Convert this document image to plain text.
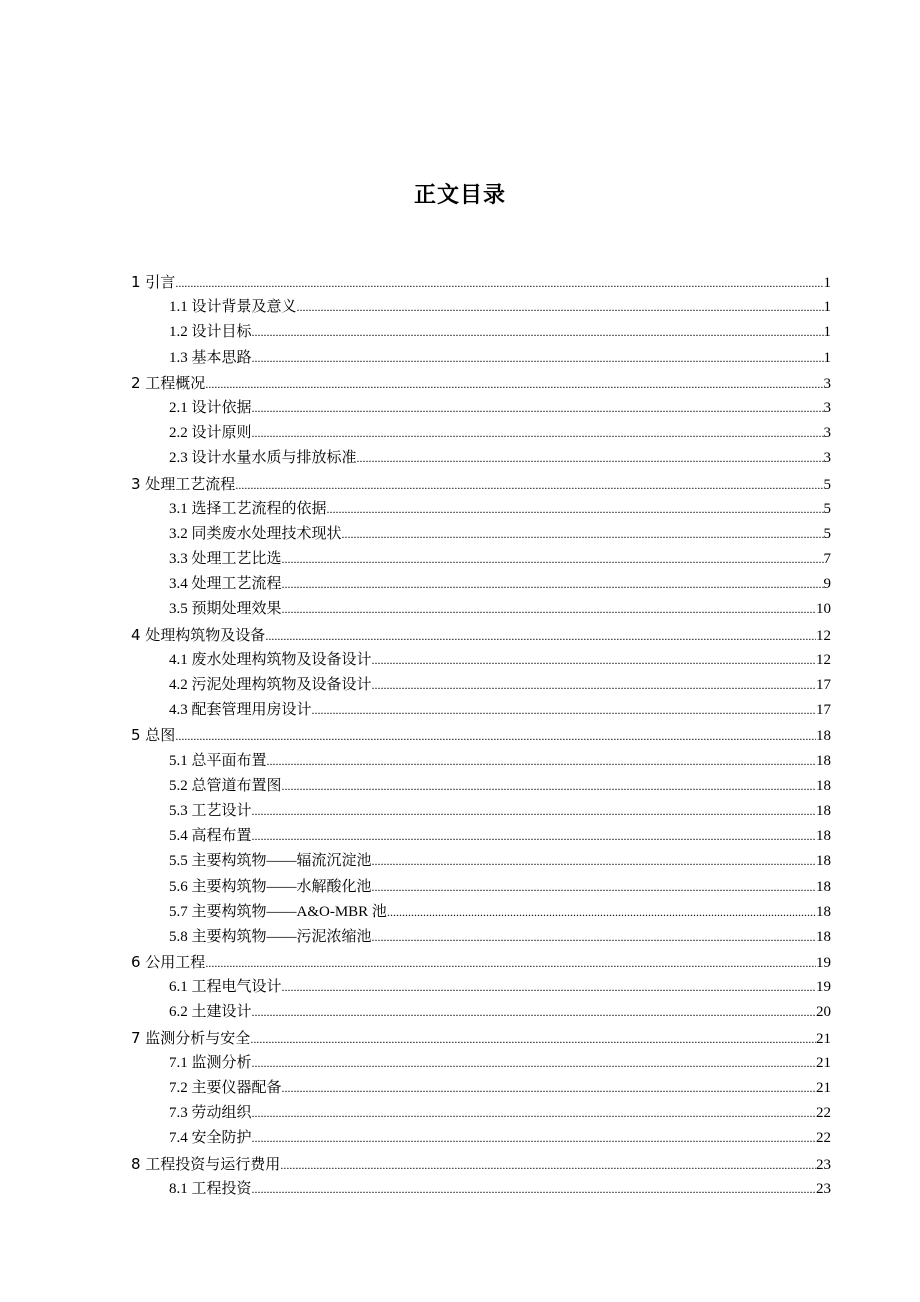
正文目录
1 引言 .....	1
1.1 设计背景及意义 .....	1
1.2 设计目标 .....	1
1.3 基本思路 .....	1
2 工程概况 .....	3
2.1 设计依据 .....	3
2.2 设计原则 .....	3
2.3 设计水量水质与排放标准 .....	3
3 处理工艺流程 .....	5
3.1 选择工艺流程的依据 .....	5
3.2 同类废水处理技术现状 .....	5
3.3 处理工艺比选 .....	7
3.4 处理工艺流程 .....	9
3.5 预期处理效果 .....	10
4 处理构筑物及设备 .....	12
4.1 废水处理构筑物及设备设计 .....	12
4.2 污泥处理构筑物及设备设计 .....	17
4.3 配套管理用房设计 .....	17
5 总图 .....	18
5.1 总平面布置 .....	18
5.2 总管道布置图 .....	18
5.3 工艺设计 .....	18
5.4 高程布置 .....	18
5.5 主要构筑物——辐流沉淀池 .....	18
5.6 主要构筑物——水解酸化池 .....	18
5.7 主要构筑物——A&O-MBR 池 .....	18
5.8 主要构筑物——污泥浓缩池 .....	18
6 公用工程 .....	19
6.1 工程电气设计 .....	19
6.2 土建设计 .....	20
7 监测分析与安全 .....	21
7.1 监测分析 .....	21
7.2 主要仪器配备 .....	21
7.3 劳动组织 .....	22
7.4 安全防护 .....	22
8 工程投资与运行费用 .....	23
8.1 工程投资 .....	23
